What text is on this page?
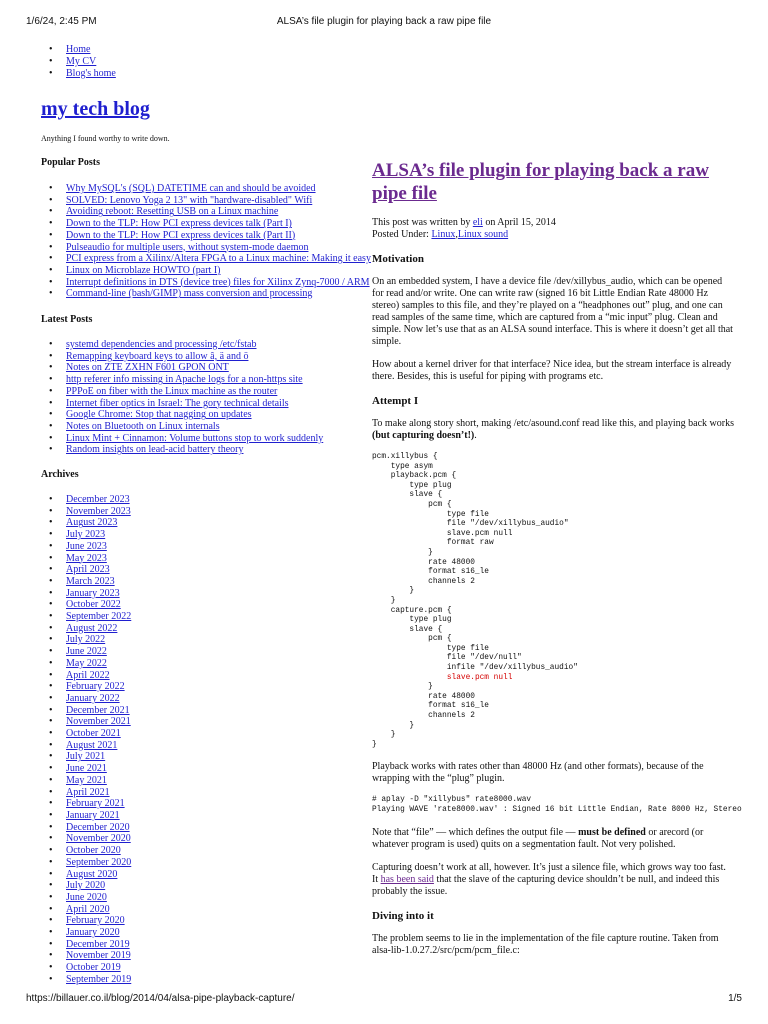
1/6/24, 2:45 PM	ALSA’s file plugin for playing back a raw pipe file
• Home
• My CV
• Blog's home
my tech blog

Anything I found worthy to write down.

Popular Posts
• Why MySQL's (SQL) DATETIME can and should be avoided
• SOLVED: Lenovo Yoga 2 13" with "hardware-disabled" Wifi
• Avoiding reboot: Resetting USB on a Linux machine
• Down to the TLP: How PCI express devices talk (Part I)
• Down to the TLP: How PCI express devices talk (Part II)
• Pulseaudio for multiple users, without system-mode daemon
• PCI express from a Xilinx/Altera FPGA to a Linux machine: Making it easy
• Linux on Microblaze HOWTO (part I)
• Interrupt definitions in DTS (device tree) files for Xilinx Zynq-7000 / ARM
• Command-line (bash/GIMP) mass conversion and processing
Latest Posts
• systemd dependencies and processing /etc/fstab
• Remapping keyboard keys to allow â, ä and ö
• Notes on ZTE ZXHN F601 GPON ONT
• http referer info missing in Apache logs for a non-https site
• PPPoE on fiber with the Linux machine as the router
• Internet fiber optics in Israel: The gory technical details
• Google Chrome: Stop that nagging on updates
• Notes on Bluetooth on Linux internals
• Linux Mint + Cinnamon: Volume buttons stop to work suddenly
• Random insights on lead-acid battery theory
Archives
• December 2023
• November 2023
• August 2023
• July 2023
• June 2023
• May 2023
• April 2023
• March 2023
• January 2023
• October 2022
• September 2022
• August 2022
• July 2022
• June 2022
• May 2022
• April 2022
• February 2022
• January 2022
• December 2021
• November 2021
• October 2021
• August 2021
• July 2021
• June 2021
• May 2021
• April 2021
• February 2021
• January 2021
• December 2020
• November 2020
• October 2020
• September 2020
• August 2020
• July 2020
• June 2020
• April 2020
• February 2020
• January 2020
• December 2019
• November 2019
• October 2019
• September 2019
ALSA’s file plugin for playing back a raw pipe file
This post was written by eli on April 15, 2014
Posted Under: Linux,Linux sound
Motivation

On an embedded system, I have a device file /dev/xillybus_audio, which can be opened for read and/or write. One can write raw (signed 16 bit Little Endian Rate 48000 Hz stereo) samples to this file, and they’re played on a “headphones out” plug, and one can read samples of the same time, which are captured from a “mic input” plug. Clean and simple. Now let’s use that as an ALSA sound interface. This is where it doesn’t get all that simple.

How about a kernel driver for that interface? Nice idea, but the stream interface is already there. Besides, this is useful for piping with programs etc.

Attempt I

To make along story short, making /etc/asound.conf read like this, and playing back works (but capturing doesn’t!).

pcm.xillybus {
type asym
playback.pcm {
type plug
slave {
pcm {
type file
file "/dev/xillybus_audio"
slave.pcm null
format raw
}
rate 48000
format s16_le
channels 2
}
}
capture.pcm {
type plug
slave {
pcm {
type file
file "/dev/null"
infile "/dev/xillybus_audio"
slave.pcm null
}
rate 48000
format s16_le
channels 2
}
}
}

Playback works with rates other than 48000 Hz (and other formats), because of the wrapping with the “plug” plugin.

# aplay -D "xillybus" rate8000.wav
Playing WAVE 'rate8000.wav' : Signed 16 bit Little Endian, Rate 8000 Hz, Stereo

Note that “file” — which defines the output file — must be defined or arecord (or whatever program is used) quits on a segmentation fault. Not very polished.

Capturing doesn’t work at all, however. It’s just a silence file, which grows way too fast. It has been said that the slave of the capturing device shouldn’t be null, and indeed this probably the issue.

Diving into it

The problem seems to lie in the implementation of the file capture routine. Taken from alsa-lib-1.0.27.2/src/pcm/pcm_file.c:

https://billauer.co.il/blog/2014/04/alsa-pipe-playback-capture/	1/5
